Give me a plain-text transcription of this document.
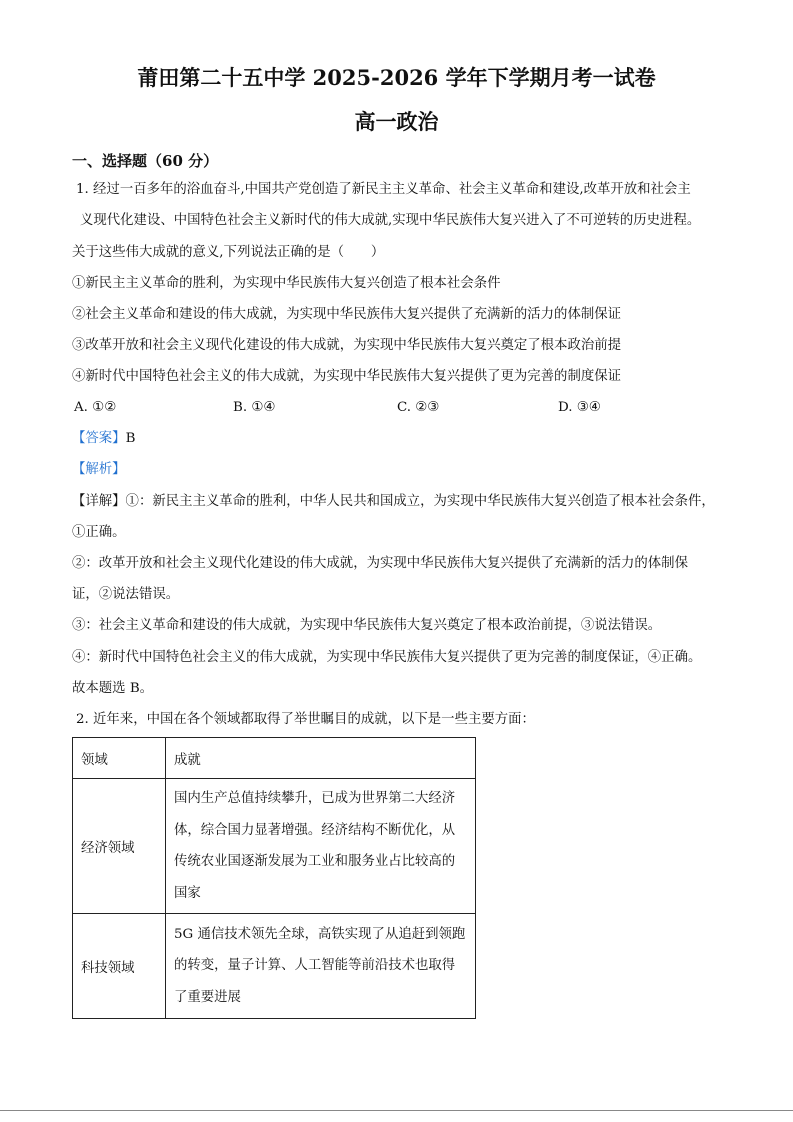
莆田第二十五中学 2025-2026 学年下学期月考一试卷
高一政治
一、选择题（60 分）
1. 经过一百多年的浴血奋斗,中国共产党创造了新民主主义革命、社会主义革命和建设,改革开放和社会主
义现代化建设、中国特色社会主义新时代的伟大成就,实现中华民族伟大复兴进入了不可逆转的历史进程。
关于这些伟大成就的意义,下列说法正确的是（　　）
①新民主主义革命的胜利，为实现中华民族伟大复兴创造了根本社会条件
②社会主义革命和建设的伟大成就，为实现中华民族伟大复兴提供了充满新的活力的体制保证
③改革开放和社会主义现代化建设的伟大成就，为实现中华民族伟大复兴奠定了根本政治前提
④新时代中国特色社会主义的伟大成就，为实现中华民族伟大复兴提供了更为完善的制度保证
A. ①②	B. ①④	C. ②③	D. ③④
【答案】B
【解析】
【详解】①：新民主主义革命的胜利，中华人民共和国成立，为实现中华民族伟大复兴创造了根本社会条件，
①正确。
②：改革开放和社会主义现代化建设的伟大成就，为实现中华民族伟大复兴提供了充满新的活力的体制保
证，②说法错误。
③：社会主义革命和建设的伟大成就，为实现中华民族伟大复兴奠定了根本政治前提，③说法错误。
④：新时代中国特色社会主义的伟大成就，为实现中华民族伟大复兴提供了更为完善的制度保证，④正确。
故本题选 B。
2. 近年来，中国在各个领域都取得了举世瞩目的成就，以下是一些主要方面：
领域	成就
经济领域	国内生产总值持续攀升，已成为世界第二大经济体，综合国力显著增强。经济结构不断优化，从传统农业国逐渐发展为工业和服务业占比较高的国家
科技领域	5G 通信技术领先全球，高铁实现了从追赶到领跑的转变，量子计算、人工智能等前沿技术也取得了重要进展
